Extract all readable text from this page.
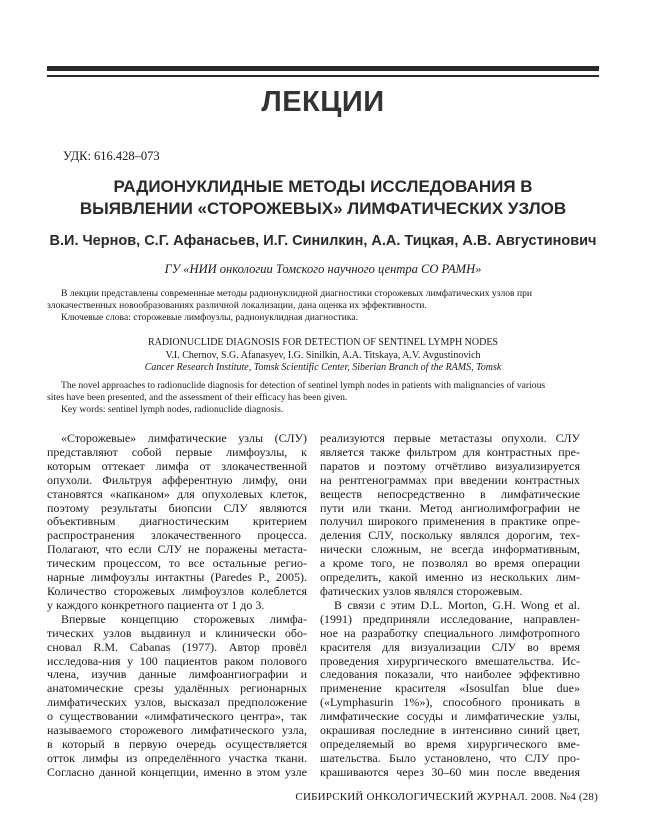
ЛЕКЦИИ
УДК: 616.428–073
РАДИОНУКЛИДНЫЕ МЕТОДЫ ИССЛЕДОВАНИЯ В
ВЫЯВЛЕНИИ «СТОРОЖЕВЫХ» ЛИМФАТИЧЕСКИХ УЗЛОВ
В.И. Чернов, С.Г. Афанасьев, И.Г. Синилкин, А.А. Тицкая, А.В. Августинович
ГУ «НИИ онкологии Томского научного центра СО РАМН»
В лекции представлены современные методы радионуклидной диагностики сторожевых лимфатических узлов при
злокачественных новообразованиях различной локализации, дана оценка их эффективности.
Ключевые слова: сторожевые лимфоузлы, радионуклидная диагностика.
RADIONUCLIDE DIAGNOSIS FOR DETECTION OF SENTINEL LYMPH NODES
V.I. Chernov, S.G. Afanasyev, I.G. Sinilkin, A.A. Titskaya, A.V. Avgustinovich
Cancer Research Institute, Tomsk Scientific Center, Siberian Branch of the RAMS, Tomsk
The novel approaches to radionuclide diagnosis for detection of sentinel lymph nodes in patients with malignancies of various
sites have been presented, and the assessment of their efficacy has been given.
Key words: sentinel lymph nodes, radionuclide diagnosis.
«Сторожевые» лимфатические узлы (СЛУ)
представляют собой первые лимфоузлы, к
которым оттекает лимфа от злокачественной
опухоли. Фильтруя афферентную лимфу, они
становятся «капканом» для опухолевых клеток,
поэтому результаты биопсии СЛУ являются
объективным диагностическим критерием
распространения злокачественного процесса.
Полагают, что если СЛУ не поражены метаста-
тическим процессом, то все остальные регио-
нарные лимфоузлы интактны (Paredes P., 2005).
Количество сторожевых лимфоузлов колеблется
у каждого конкретного пациента от 1 до 3.
Впервые концепцию сторожевых лимфа-
тических узлов выдвинул и клинически обо-
сновал R.M. Cabanas (1977). Автор провёл
исследова-ния у 100 пациентов раком полового
члена, изучив данные лимфоангиографии и
анатомические срезы удалённых регионарных
лимфатических узлов, высказал предположение
о существовании «лимфатического центра», так
называемого сторожевого лимфатического узла,
в который в первую очередь осуществляется
отток лимфы из определённого участка ткани.
Согласно данной концепции, именно в этом узле
реализуются первые метастазы опухоли. СЛУ
является также фильтром для контрастных пре-
паратов и поэтому отчётливо визуализируется
на рентгенограммах при введении контрастных
веществ непосредственно в лимфатические
пути или ткани. Метод ангиолимфографии не
получил широкого применения в практике опре-
деления СЛУ, поскольку являлся дорогим, тех-
нически сложным, не всегда информативным,
а кроме того, не позволял во время операции
определить, какой именно из нескольких лим-
фатических узлов являлся сторожевым.
В связи с этим D.L. Morton, G.H. Wong et al.
(1991) предприняли исследование, направлен-
ное на разработку специального лимфотропного
красителя для визуализации СЛУ во время
проведения хирургического вмешательства. Ис-
следования показали, что наиболее эффективно
применение красителя «Isosulfan blue due»
(«Lymphasurin 1%»), способного проникать в
лимфатические сосуды и лимфатические узлы,
окрашивая последние в интенсивно синий цвет,
определяемый во время хирургического вме-
шательства. Было установлено, что СЛУ про-
крашиваются через 30–60 мин после введения
СИБИРСКИЙ ОНКОЛОГИЧЕСКИЙ ЖУРНАЛ. 2008. №4 (28)
